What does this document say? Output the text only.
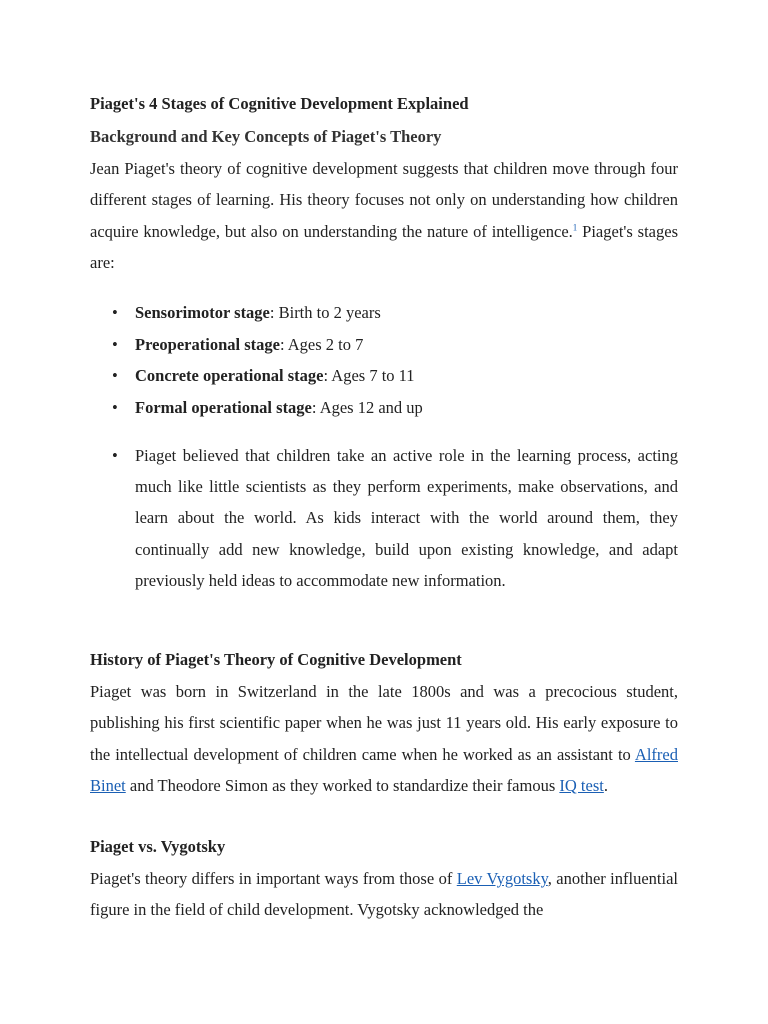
Piaget's 4 Stages of Cognitive Development Explained
Background and Key Concepts of Piaget's Theory

Jean Piaget's theory of cognitive development suggests that children move through four different stages of learning. His theory focuses not only on understanding how children acquire knowledge, but also on understanding the nature of intelligence.$^1$ Piaget's stages are:

• Sensorimotor stage: Birth to 2 years
• Preoperational stage: Ages 2 to 7
• Concrete operational stage: Ages 7 to 11
• Formal operational stage: Ages 12 and up
• Piaget believed that children take an active role in the learning process, acting much like little scientists as they perform experiments, make observations, and learn about the world. As kids interact with the world around them, they continually add new knowledge, build upon existing knowledge, and adapt previously held ideas to accommodate new information.
History of Piaget's Theory of Cognitive Development

Piaget was born in Switzerland in the late 1800s and was a precocious student, publishing his first scientific paper when he was just 11 years old. His early exposure to the intellectual development of children came when he worked as an assistant to Alfred Binet and Theodore Simon as they worked to standardize their famous IQ test.

Piaget vs. Vygotsky

Piaget's theory differs in important ways from those of Lev Vygotsky, another influential figure in the field of child development. Vygotsky acknowledged the
